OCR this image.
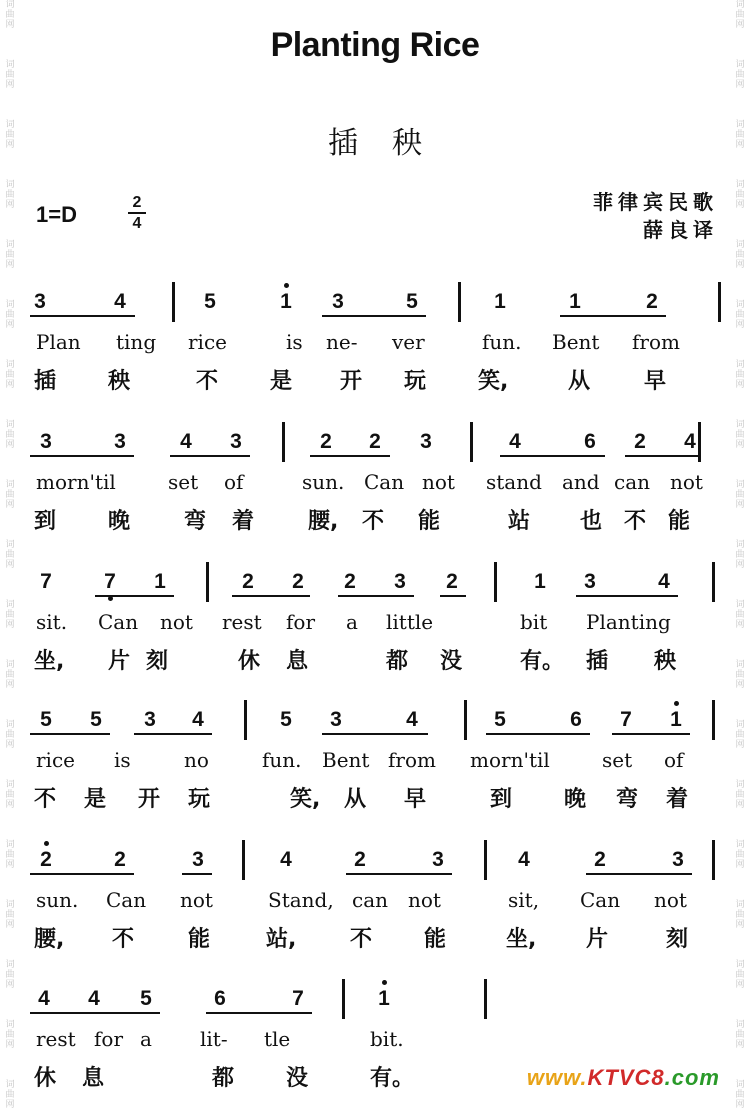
词
曲
网

词
曲
网

词
曲
网

词
曲
网

词
曲
网

词
曲
网

词
曲
网

词
曲
网

词
曲
网

词
曲
网

词
曲
网

词
曲
网

词
曲
网

词
曲
网

词
曲
网

词
曲
网

词
曲
网

词
曲
网

词
曲
网
词
曲
网

词
曲
网

词
曲
网

词
曲
网

词
曲
网

词
曲
网

词
曲
网

词
曲
网

词
曲
网

词
曲
网

词
曲
网

词
曲
网

词
曲
网

词
曲
网

词
曲
网

词
曲
网

词
曲
网

词
曲
网

词
曲
网
Planting Rice
插秧
1=D	2
4
菲律宾民歌
薛良译
3	4	5	1	3	5	1	1	2
Plan ting rice	is ne- ver	fun. Bent from
插 秧	不 是 开 玩 笑,	从 早
3	3	4	3	2	2	3	4	6	2	4
morn'til	set of	sun. Can not stand and can not
到 晚 弯 着 腰, 不 能	站 也 不 能
7	7	1	2	2	2	3	2	1	3	4
sit. Can not rest for a little	bit Planting
坐, 片 刻	休 息	都 没	有。 插 秧
5	5	3	4	5	3	4	5	6	7	1
rice is	no	fun. Bent from morn'til	set of
不 是 开 玩	笑, 从 早	到 晚 弯 着
2	2	3	4	2	3	4	2	3
sun. Can not	Stand, can not	sit, Can not
腰, 不 能	站, 不 能	坐, 片	刻
4	4	5	6	7	1
rest for a lit- tle	bit.
休 息	都 没	有。	www.KTVC8.com
